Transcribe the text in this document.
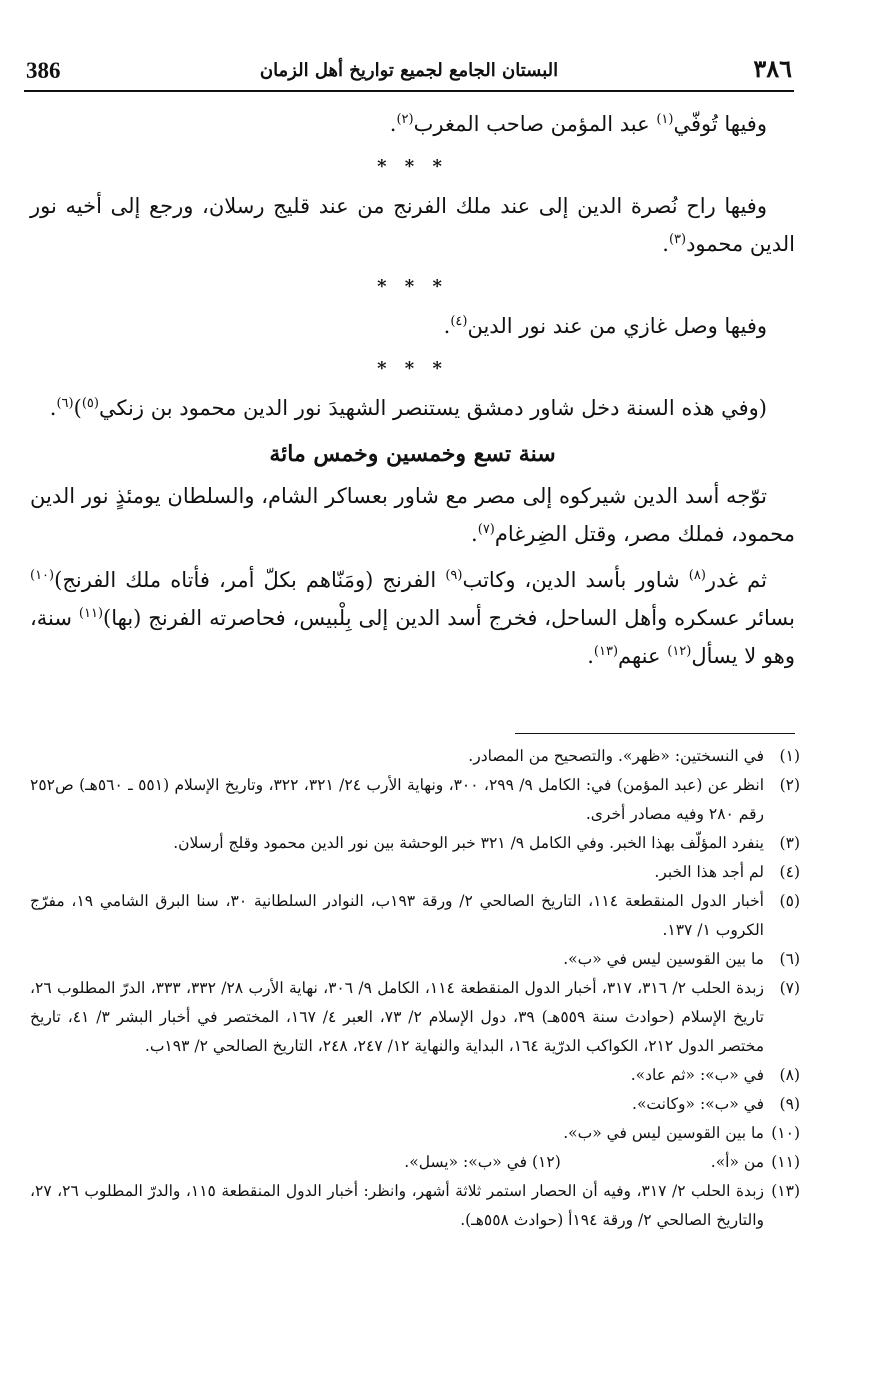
386	البستان الجامع لجميع تواريخ أهل الزمان	٣٨٦

وفيها تُوفّي$^{(١)}$ عبد المؤمن صاحب المغرب$^{(٢)}$.

* * *

وفيها راح نُصرة الدين إلى عند ملك الفرنج من عند قليج رسلان، ورجع إلى أخيه نور الدين محمود$^{(٣)}$.

* * *

وفيها وصل غازي من عند نور الدين$^{(٤)}$.

* * *

(وفي هذه السنة دخل شاور دمشق يستنصر الشهيدَ نور الدين محمود بن زنكي$^{(٥)}$)$^{(٦)}$.

سنة تسع وخمسين وخمس مائة

توّجه أسد الدين شيركوه إلى مصر مع شاور بعساكر الشام، والسلطان يومئذٍ نور الدين محمود، فملك مصر، وقتل الضِرغام$^{(٧)}$.

ثم غدر$^{(٨)}$ شاور بأسد الدين، وكاتب$^{(٩)}$ الفرنج (ومَنّاهم بكلّ أمر، فأتاه ملك الفرنج)$^{(١٠)}$ بسائر عسكره وأهل الساحل، فخرج أسد الدين إلى بِلْبيس، فحاصرته الفرنج (بها)$^{(١١)}$ سنة، وهو لا يسأل$^{(١٢)}$ عنهم$^{(١٣)}$.

(١)في النسختين: «ظهر». والتصحيح من المصادر.

(٢)انظر عن (عبد المؤمن) في: الكامل ٩/ ٢٩٩، ٣٠٠، ونهاية الأرب ٢٤/ ٣٢١، ٣٢٢، وتاريخ الإسلام (٥٥١ ـ ٥٦٠هـ) ص٢٥٢ رقم ٢٨٠ وفيه مصادر أخرى.

(٣)ينفرد المؤلّف بهذا الخبر. وفي الكامل ٩/ ٣٢١ خبر الوحشة بين نور الدين محمود وقلج أرسلان.

(٤)لم أجد هذا الخبر.

(٥)أخبار الدول المنقطعة ١١٤، التاريخ الصالحي ٢/ ورقة ١٩٣ب، النوادر السلطانية ٣٠، سنا البرق الشامي ١٩، مفرّج الكروب ١/ ١٣٧.

(٦)ما بين القوسين ليس في «ب».

(٧)زبدة الحلب ٢/ ٣١٦، ٣١٧، أخبار الدول المنقطعة ١١٤، الكامل ٩/ ٣٠٦، نهاية الأرب ٢٨/ ٣٣٢، ٣٣٣، الدرّ المطلوب ٢٦، تاريخ الإسلام (حوادث سنة ٥٥٩هـ) ٣٩، دول الإسلام ٢/ ٧٣، العبر ٤/ ١٦٧، المختصر في أخبار البشر ٣/ ٤١، تاريخ مختصر الدول ٢١٢، الكواكب الدرّية ١٦٤، البداية والنهاية ١٢/ ٢٤٧، ٢٤٨، التاريخ الصالحي ٢/ ١٩٣ب.

(٨)في «ب»: «ثم عاد».

(٩)في «ب»: «وكانت».

(١٠)ما بين القوسين ليس في «ب».

(١١)من «أ».

(١٢) في «ب»: «يسل».

(١٣)زبدة الحلب ٢/ ٣١٧، وفيه أن الحصار استمر ثلاثة أشهر، وانظر: أخبار الدول المنقطعة ١١٥، والدرّ المطلوب ٢٦، ٢٧، والتاريخ الصالحي ٢/ ورقة ١٩٤أ (حوادث ٥٥٨هـ).
